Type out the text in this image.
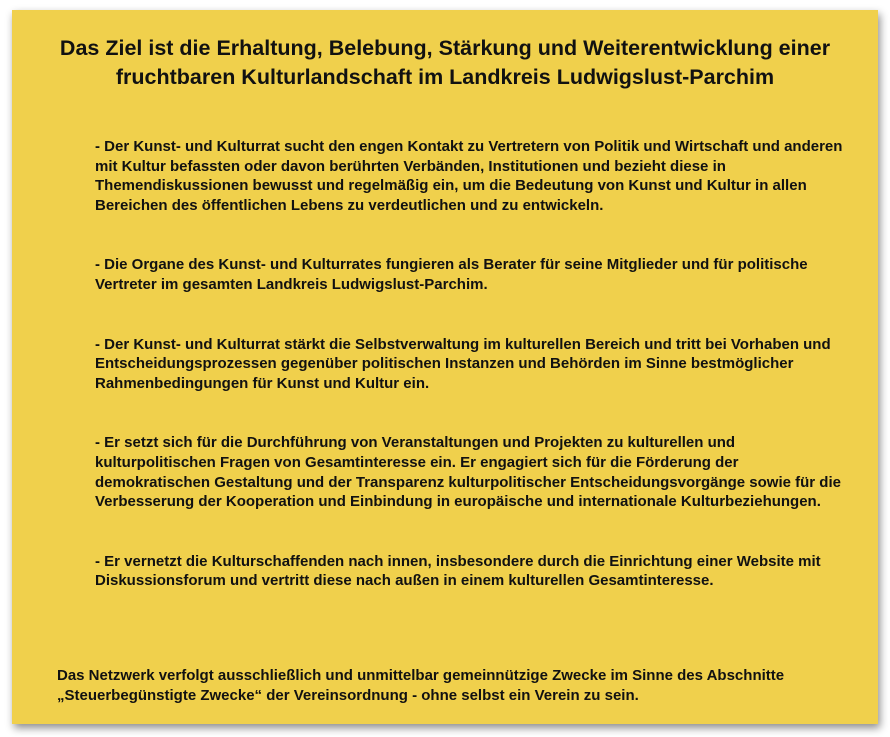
Das Ziel ist die Erhaltung, Belebung, Stärkung und Weiterentwicklung einer fruchtbaren Kulturlandschaft im Landkreis Ludwigslust-Parchim
- Der Kunst- und Kulturrat sucht den engen Kontakt zu Vertretern von Politik und Wirtschaft und anderen mit Kultur befassten oder davon berührten Verbänden, Institutionen und bezieht diese in Themendiskussionen bewusst und regelmäßig ein, um die Bedeutung von Kunst und Kultur in allen Bereichen des öffentlichen Lebens zu verdeutlichen und zu entwickeln.
- Die Organe des Kunst- und Kulturrates fungieren als Berater für seine Mitglieder und für politische Vertreter im gesamten Landkreis Ludwigslust-Parchim.
- Der Kunst- und Kulturrat stärkt die Selbstverwaltung im kulturellen Bereich und tritt bei Vorhaben und Entscheidungsprozessen gegenüber politischen Instanzen und Behörden im Sinne bestmöglicher Rahmenbedingungen für Kunst und Kultur ein.
- Er setzt sich für die Durchführung von Veranstaltungen und Projekten zu kulturellen und kulturpolitischen Fragen von Gesamtinteresse ein. Er engagiert sich für die Förderung der demokratischen Gestaltung und der Transparenz kulturpolitischer Entscheidungsvorgänge sowie für die Verbesserung der Kooperation und Einbindung in europäische und internationale Kulturbeziehungen.
- Er vernetzt die Kulturschaffenden nach innen, insbesondere durch die Einrichtung einer Website mit Diskussionsforum und vertritt diese nach außen in einem kulturellen Gesamtinteresse.

Das Netzwerk verfolgt ausschließlich und unmittelbar gemeinnützige Zwecke im Sinne des Abschnitte „Steuerbegünstigte Zwecke“ der Vereinsordnung - ohne selbst ein Verein zu sein.
